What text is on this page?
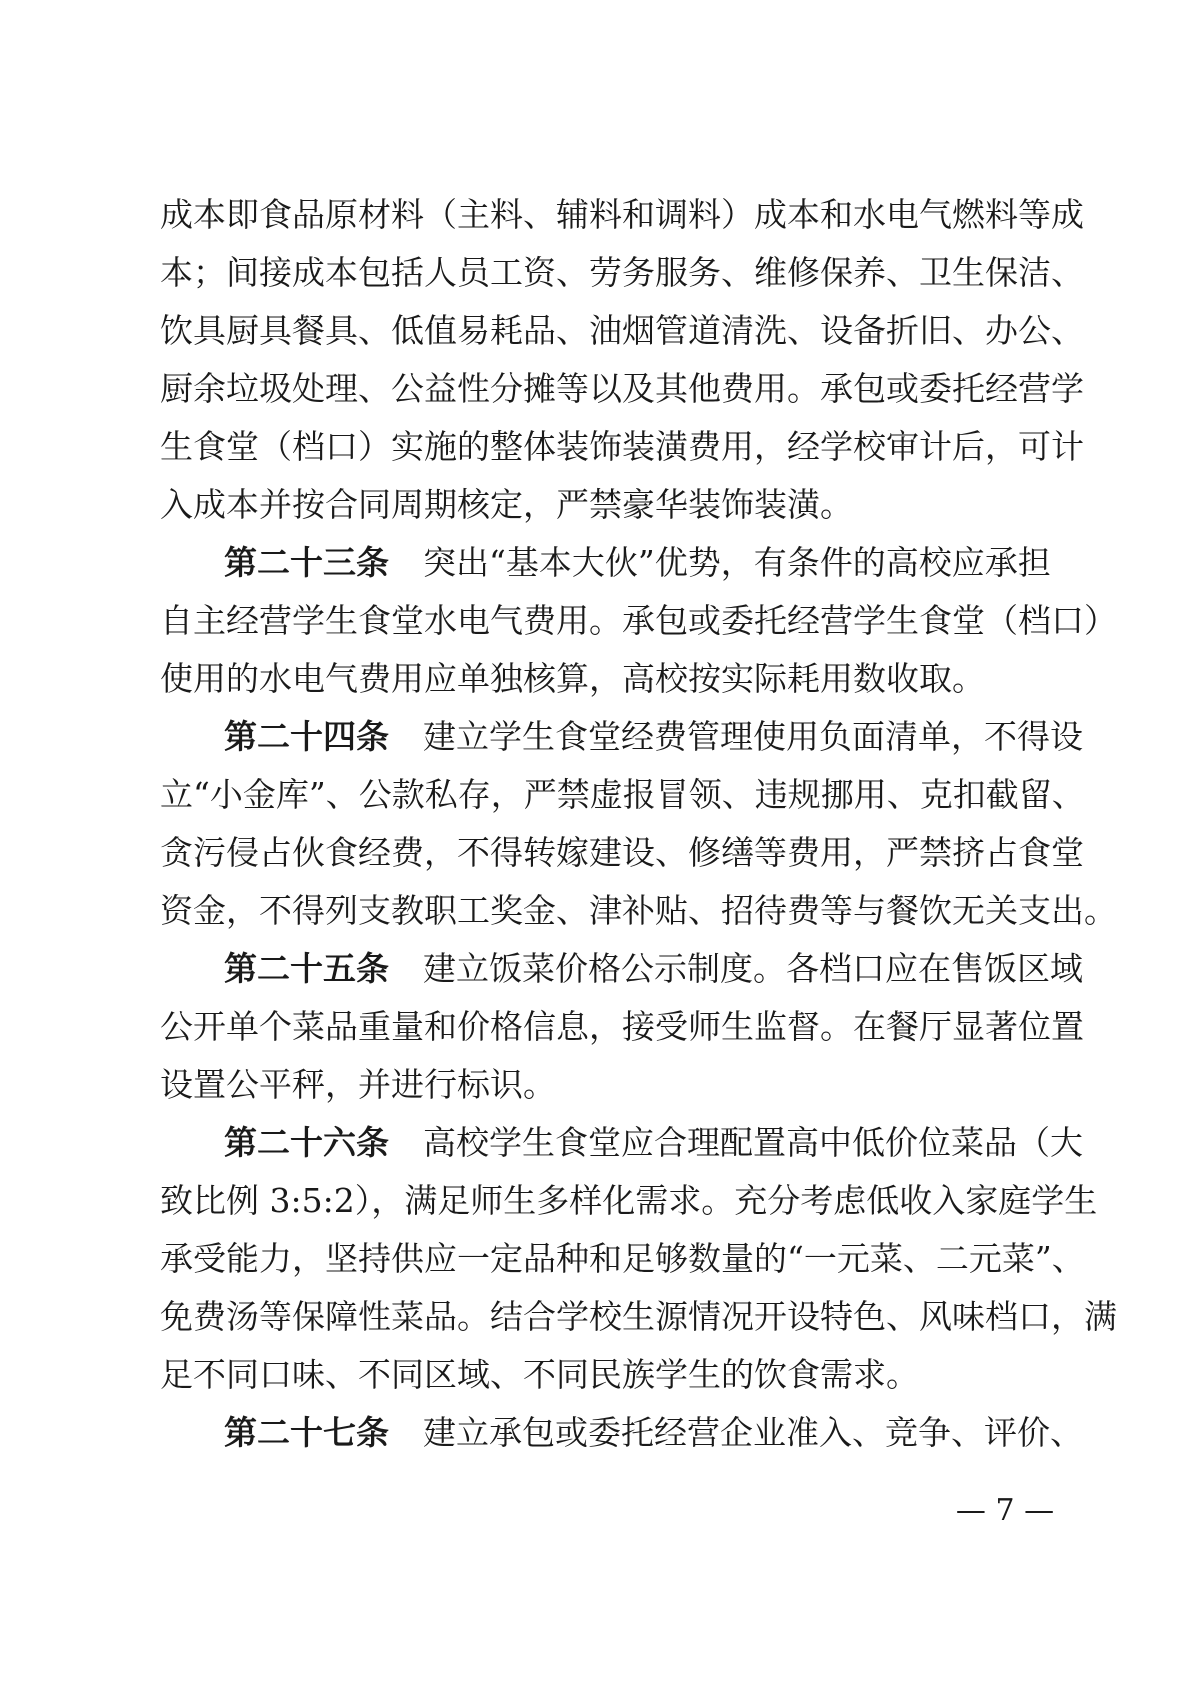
成本即食品原材料（主料、辅料和调料）成本和水电气燃料等成
本；间接成本包括人员工资、劳务服务、维修保养、卫生保洁、
饮具厨具餐具、低值易耗品、油烟管道清洗、设备折旧、办公、
厨余垃圾处理、公益性分摊等以及其他费用。承包或委托经营学
生食堂（档口）实施的整体装饰装潢费用，经学校审计后，可计
入成本并按合同周期核定，严禁豪华装饰装潢。
第二十三条 突出“基本大伙”优势，有条件的高校应承担
自主经营学生食堂水电气费用。承包或委托经营学生食堂（档口）
使用的水电气费用应单独核算，高校按实际耗用数收取。
第二十四条 建立学生食堂经费管理使用负面清单，不得设
立“小金库”、公款私存，严禁虚报冒领、违规挪用、克扣截留、
贪污侵占伙食经费，不得转嫁建设、修缮等费用，严禁挤占食堂
资金，不得列支教职工奖金、津补贴、招待费等与餐饮无关支出。
第二十五条 建立饭菜价格公示制度。各档口应在售饭区域
公开单个菜品重量和价格信息，接受师生监督。在餐厅显著位置
设置公平秤，并进行标识。
第二十六条 高校学生食堂应合理配置高中低价位菜品（大
致比例 3:5:2），满足师生多样化需求。充分考虑低收入家庭学生
承受能力，坚持供应一定品种和足够数量的“一元菜、二元菜”、
免费汤等保障性菜品。结合学校生源情况开设特色、风味档口，满
足不同口味、不同区域、不同民族学生的饮食需求。
第二十七条 建立承包或委托经营企业准入、竞争、评价、
— 7 —
